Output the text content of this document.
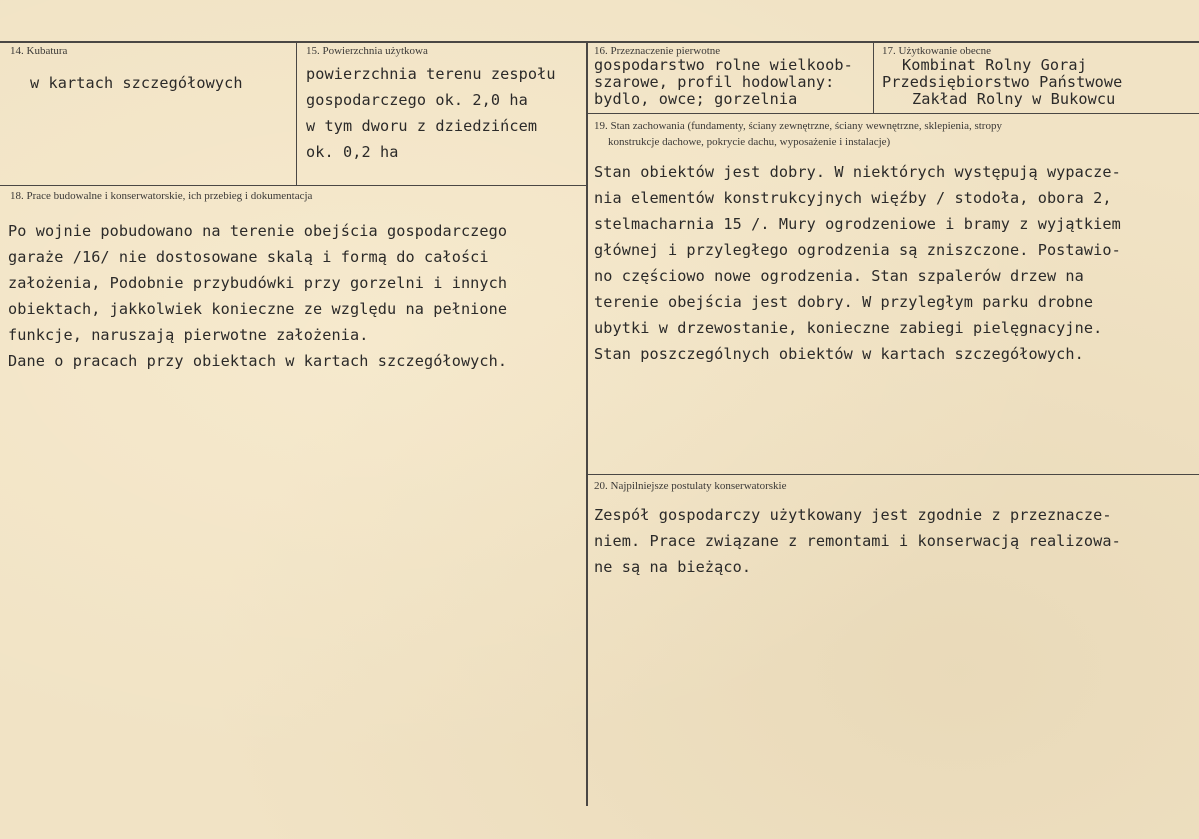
14. Kubatura
w kartach szczegółowych
15. Powierzchnia użytkowa
powierzchnia terenu zespołu
gospodarczego ok. 2,0 ha
w tym dworu z dziedzińcem
ok. 0,2 ha
16. Przeznaczenie pierwotne
gospodarstwo rolne wielkoob-
szarowe, profil hodowlany:
bydlo, owce; gorzelnia
17. Użytkowanie obecne
Kombinat Rolny Goraj
Przedsiębiorstwo Państwowe
Zakład Rolny w Bukowcu
18. Prace budowalne i konserwatorskie, ich przebieg i dokumentacja
Po wojnie pobudowano na terenie obejścia gospodarczego
garaże /16/ nie dostosowane skalą i formą do całości
założenia, Podobnie przybudówki przy gorzelni i innych
obiektach, jakkolwiek konieczne ze względu na pełnione
funkcje, naruszają pierwotne założenia.
Dane o pracach przy obiektach w kartach szczegółowych.
19. Stan zachowania (fundamenty, ściany zewnętrzne, ściany wewnętrzne, sklepienia, stropy
konstrukcje dachowe, pokrycie dachu, wyposażenie i instalacje)
Stan obiektów jest dobry. W niektórych występują wypacze-
nia elementów konstrukcyjnych więźby / stodoła, obora 2,
stelmacharnia 15 /. Mury ogrodzeniowe i bramy z wyjątkiem
głównej i przyległego ogrodzenia są zniszczone. Postawio-
no częściowo nowe ogrodzenia. Stan szpalerów drzew na
terenie obejścia jest dobry. W przyległym parku drobne
ubytki w drzewostanie, konieczne zabiegi pielęgnacyjne.
Stan poszczególnych obiektów w kartach szczegółowych.
20. Najpilniejsze postulaty konserwatorskie
Zespół gospodarczy użytkowany jest zgodnie z przeznacze-
niem. Prace związane z remontami i konserwacją realizowa-
ne są na bieżąco.
